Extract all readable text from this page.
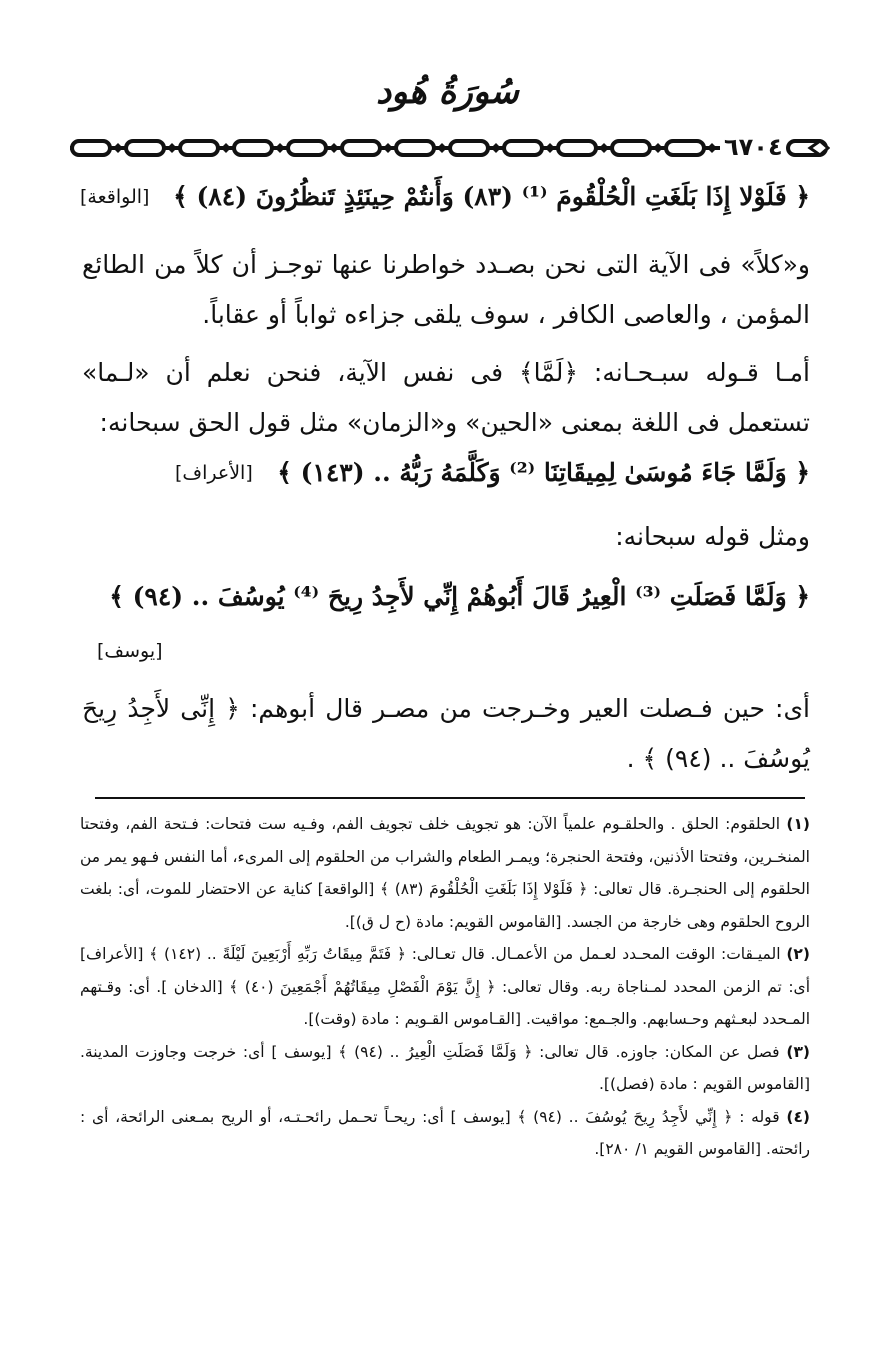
سُورَةُ هُود
٦٧٠٤
﴿ فَلَوْلا إِذَا بَلَغَتِ الْحُلْقُومَ ⁽¹⁾ (٨٣) وَأَنتُمْ حِينَئِذٍ تَنظُرُونَ (٨٤) ﴾
[الواقعة]
و«كلاً» فى الآية التى نحن بصـدد خواطرنا عنها توجـز أن كلاً من الطائع المؤمن ، والعاصى الكافر ، سوف يلقى جزاءه ثواباً أو عقاباً.
أمـا قـوله سبـحـانه: ﴿لَمَّا﴾ فى نفس الآية، فنحن نعلم أن «لـما» تستعمل فى اللغة بمعنى «الحين» و«الزمان» مثل قول الحق سبحانه:
﴿ وَلَمَّا جَاءَ مُوسَىٰ لِمِيقَاتِنَا ⁽²⁾ وَكَلَّمَهُ رَبُّهُ .. (١٤٣) ﴾
[الأعراف]
ومثل قوله سبحانه:
﴿ وَلَمَّا فَصَلَتِ ⁽³⁾ الْعِيرُ قَالَ أَبُوهُمْ إِنِّي لأَجِدُ رِيحَ ⁽⁴⁾ يُوسُفَ .. (٩٤) ﴾
[يوسف]
أى: حين فـصلت العير وخـرجت من مصـر قال أبوهم: ﴿ إِنِّى لأَجِدُ رِيحَ يُوسُفَ .. (٩٤) ﴾ .

(١) الحلقوم: الحلق . والحلقـوم علمياً الآن: هو تجويف خلف تجويف الفم، وفـيه ست فتحات: فـتحة الفم، وفتحتا المنخـرين، وفتحتا الأذنين، وفتحة الحنجرة؛ ويمـر الطعام والشراب من الحلقوم إلى المرىء، أما النفس فـهو يمر من الحلقوم إلى الحنجـرة. قال تعالى: ﴿ فَلَوْلا إِذَا بَلَغَتِ الْحُلْقُومَ (٨٣) ﴾ [الواقعة] كناية عن الاحتضار للموت، أى: بلغت الروح الحلقوم وهى خارجة من الجسد. [القاموس القويم: مادة (ح ل ق)].

(٢) الميـقات: الوقت المحـدد لعـمل من الأعمـال. قال تعـالى: ﴿ فَتَمَّ مِيقَاتُ رَبِّهِ أَرْبَعِينَ لَيْلَةً .. (١٤٢) ﴾ [الأعراف] أى: تم الزمن المحدد لمـناجاة ربه. وقال تعالى: ﴿ إِنَّ يَوْمَ الْفَصْلِ مِيقَاتُهُمْ أَجْمَعِينَ (٤٠) ﴾ [الدخان ]. أى: وقـتهم المـحدد لبعـثهم وحـسابهم. والجـمع: مواقيت. [القـاموس القـويم : مادة (وقت)].

(٣) فصل عن المكان: جاوزه. قال تعالى: ﴿ وَلَمَّا فَصَلَتِ الْعِيرُ .. (٩٤) ﴾ [يوسف ] أى: خرجت وجاوزت المدينة. [القاموس القويم : مادة (فصل)].

(٤) قوله : ﴿ إِنِّي لأَجِدُ رِيحَ يُوسُفَ .. (٩٤) ﴾ [يوسف ] أى: ريحـاً تحـمل رائحـتـه، أو الريح بمـعنى الرائحة، أى : رائحته. [القاموس القويم ١/ ٢٨٠].
